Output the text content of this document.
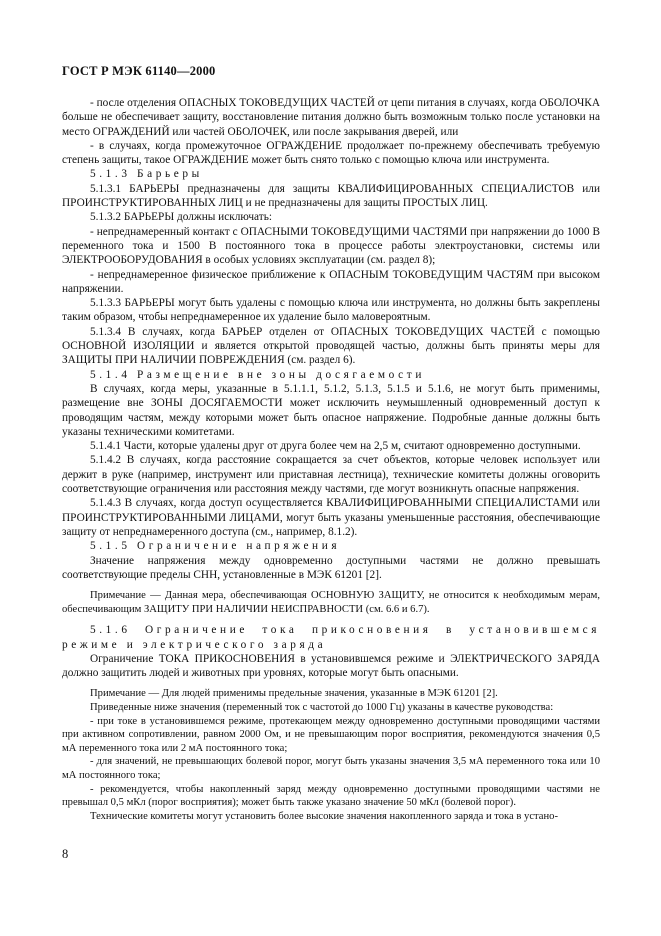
ГОСТ Р МЭК 61140—2000

- после отделения ОПАСНЫХ ТОКОВЕДУЩИХ ЧАСТЕЙ от цепи питания в случаях, когда ОБОЛОЧКА больше не обеспечивает защиту, восстановление питания должно быть возможным только после установки на место ОГРАЖДЕНИЙ или частей ОБОЛОЧЕК, или после закрывания дверей, или

- в случаях, когда промежуточное ОГРАЖДЕНИЕ продолжает по-прежнему обеспечивать требуемую степень защиты, такое ОГРАЖДЕНИЕ может быть снято только с помощью ключа или инструмента.

5.1.3 Барьеры

5.1.3.1 БАРЬЕРЫ предназначены для защиты КВАЛИФИЦИРОВАННЫХ СПЕЦИАЛИСТОВ или ПРОИНСТРУКТИРОВАННЫХ ЛИЦ и не предназначены для защиты ПРОСТЫХ ЛИЦ.

5.1.3.2 БАРЬЕРЫ должны исключать:

- непреднамеренный контакт с ОПАСНЫМИ ТОКОВЕДУЩИМИ ЧАСТЯМИ при напряжении до 1000 В переменного тока и 1500 В постоянного тока в процессе работы электроустановки, системы или ЭЛЕКТРООБОРУДОВАНИЯ в особых условиях эксплуатации (см. раздел 8);

- непреднамеренное физическое приближение к ОПАСНЫМ ТОКОВЕДУЩИМ ЧАСТЯМ при высоком напряжении.

5.1.3.3 БАРЬЕРЫ могут быть удалены с помощью ключа или инструмента, но должны быть закреплены таким образом, чтобы непреднамеренное их удаление было маловероятным.

5.1.3.4 В случаях, когда БАРЬЕР отделен от ОПАСНЫХ ТОКОВЕДУЩИХ ЧАСТЕЙ с помощью ОСНОВНОЙ ИЗОЛЯЦИИ и является открытой проводящей частью, должны быть приняты меры для ЗАЩИТЫ ПРИ НАЛИЧИИ ПОВРЕЖДЕНИЯ (см. раздел 6).

5.1.4 Размещение вне зоны досягаемости

В случаях, когда меры, указанные в 5.1.1.1, 5.1.2, 5.1.3, 5.1.5 и 5.1.6, не могут быть применимы, размещение вне ЗОНЫ ДОСЯГАЕМОСТИ может исключить неумышленный одновременный доступ к проводящим частям, между которыми может быть опасное напряжение. Подробные данные должны быть указаны техническими комитетами.

5.1.4.1 Части, которые удалены друг от друга более чем на 2,5 м, считают одновременно доступными.

5.1.4.2 В случаях, когда расстояние сокращается за счет объектов, которые человек использует или держит в руке (например, инструмент или приставная лестница), технические комитеты должны оговорить соответствующие ограничения или расстояния между частями, где могут возникнуть опасные напряжения.

5.1.4.3 В случаях, когда доступ осуществляется КВАЛИФИЦИРОВАННЫМИ СПЕЦИАЛИСТАМИ или ПРОИНСТРУКТИРОВАННЫМИ ЛИЦАМИ, могут быть указаны уменьшенные расстояния, обеспечивающие защиту от непреднамеренного доступа (см., например, 8.1.2).

5.1.5 Ограничение напряжения

Значение напряжения между одновременно доступными частями не должно превышать соответствующие пределы СНН, установленные в МЭК 61201 [2].

Примечание — Данная мера, обеспечивающая ОСНОВНУЮ ЗАЩИТУ, не относится к необходимым мерам, обеспечивающим ЗАЩИТУ ПРИ НАЛИЧИИ НЕИСПРАВНОСТИ (см. 6.6 и 6.7).

5.1.6 Ограничение тока прикосновения в установившемся режиме и электрического заряда

Ограничение ТОКА ПРИКОСНОВЕНИЯ в установившемся режиме и ЭЛЕКТРИЧЕСКОГО ЗАРЯДА должно защитить людей и животных при уровнях, которые могут быть опасными.

Примечание — Для людей применимы предельные значения, указанные в МЭК 61201 [2].

Приведенные ниже значения (переменный ток с частотой до 1000 Гц) указаны в качестве руководства:

- при токе в установившемся режиме, протекающем между одновременно доступными проводящими частями при активном сопротивлении, равном 2000 Ом, и не превышающим порог восприятия, рекомендуются значения 0,5 мА переменного тока или 2 мА постоянного тока;

- для значений, не превышающих болевой порог, могут быть указаны значения 3,5 мА переменного тока или 10 мА постоянного тока;

- рекомендуется, чтобы накопленный заряд между одновременно доступными проводящими частями не превышал 0,5 мКл (порог восприятия); может быть также указано значение 50 мКл (болевой порог).

Технические комитеты могут установить более высокие значения накопленного заряда и тока в устано-

8
